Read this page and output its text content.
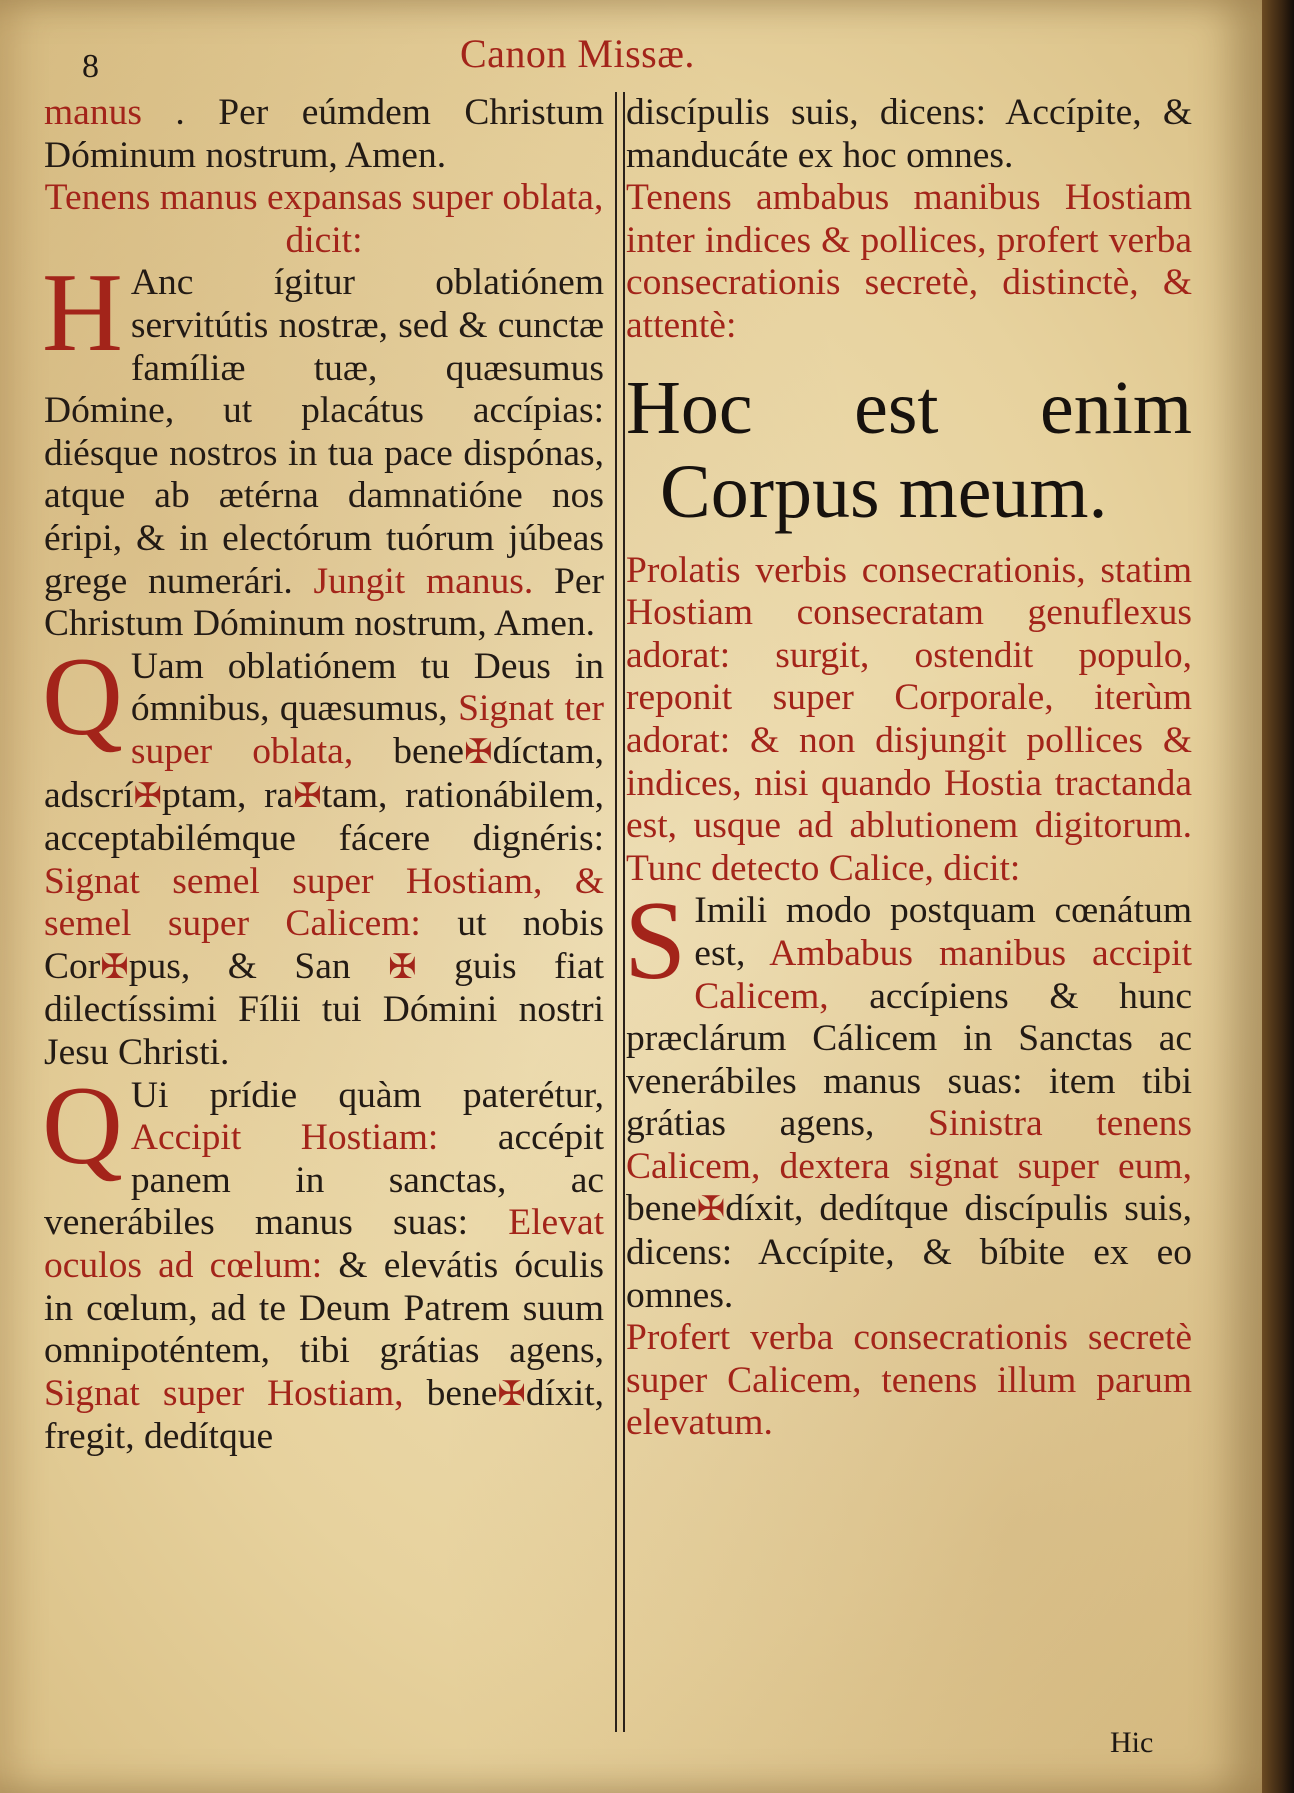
8	Canon Missæ.

manus . Per eúmdem Christum Dóminum nostrum, Amen.

Tenens manus expansas super oblata, dicit:

H Anc ígitur oblatiónem servitútis nostræ, sed & cunctæ famíliæ tuæ, quæsumus Dómine, ut placátus accípias: diésque nostros in tua pace dispónas, atque ab ætérna damnatióne nos éripi, & in electórum tuórum júbeas grege numerári. Jungit manus. Per Christum Dóminum nostrum, Amen.

Q Uam oblatiónem tu Deus in ómnibus, quæsumus, Signat ter super oblata, bene✠díctam, adscrí✠ptam, ra✠tam, rationábilem, acceptabilémque fácere dignéris: Signat semel super Hostiam, & semel super Calicem: ut nobis Cor✠pus, & San ✠ guis fiat dilectíssimi Fílii tui Dómini nostri Jesu Christi.

Q Ui prídie quàm paterétur, Accipit Hostiam: accépit panem in sanctas, ac venerábiles manus suas: Elevat oculos ad cœlum: & elevátis óculis in cœlum, ad te Deum Patrem suum omnipoténtem, tibi grátias agens, Signat super Hostiam, bene✠díxit, fregit, dedítque

discípulis suis, dicens: Accípite, & manducáte ex hoc omnes.

Tenens ambabus manibus Hostiam inter indices & pollices, profert verba consecrationis secretè, distinctè, & attentè:

Hoc est enim
Corpus meum.

Prolatis verbis consecrationis, statim Hostiam consecratam genuflexus adorat: surgit, ostendit populo, reponit super Corporale, iterùm adorat: & non disjungit pollices & indices, nisi quando Hostia tractanda est, usque ad ablutionem digitorum. Tunc detecto Calice, dicit:

S Imili modo postquam cœnátum est, Ambabus manibus accipit Calicem, accípiens & hunc præclárum Cálicem in Sanctas ac venerábiles manus suas: item tibi grátias agens, Sinistra tenens Calicem, dextera signat super eum, bene✠díxit, dedítque discípulis suis, dicens: Accípite, & bíbite ex eo omnes.

Profert verba consecrationis secretè super Calicem, tenens illum parum elevatum.

Hic
